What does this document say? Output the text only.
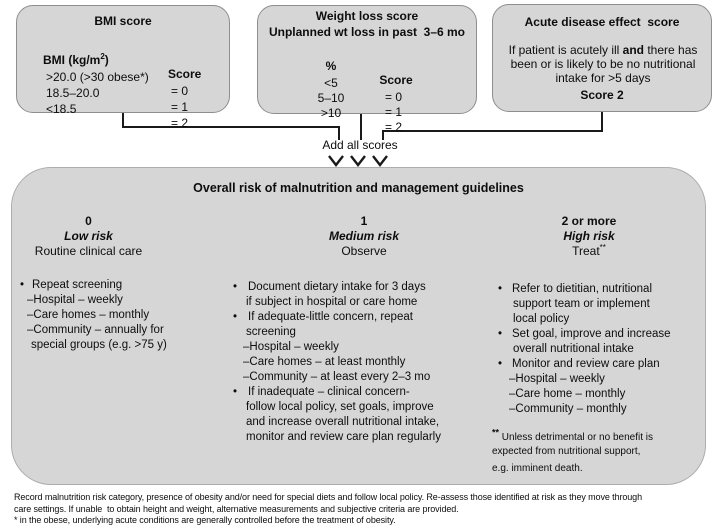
BMI score

BMI $(kg/m^2)$

Score

>20.0 (>30 obese*)

= 0

18.5–20.0

= 1

<18.5

= 2

Weight loss score
Unplanned wt loss in past  3–6 mo

%

Score

<5

= 0

5–10

= 1

>10

= 2

Acute disease effect  score
If patient is acutely ill and there has
been or is likely to be no nutritional
intake for >5 days
Score 2
Add all scores
Overall risk of malnutrition and management guidelines
0
Low risk
Routine clinical care
1
Medium risk
Observe
2 or more
High risk
Treat**
• Repeat screening
–Hospital – weekly
–Care homes – monthly
–Community – annually for
special groups (e.g. >75 y)
• Document dietary intake for 3 days
if subject in hospital or care home
• If adequate-little concern, repeat
screening
–Hospital – weekly
–Care homes – at least monthly
–Community – at least every 2–3 mo
• If inadequate – clinical concern-
follow local policy, set goals, improve
and increase overall nutritional intake,
monitor and review care plan regularly
• Refer to dietitian, nutritional
support team or implement
local policy
• Set goal, improve and increase
overall nutritional intake
• Monitor and review care plan
–Hospital – weekly
–Care home – monthly
–Community – monthly
** Unless detrimental or no benefit is
expected from nutritional support,
e.g. imminent death.
Record malnutrition risk category, presence of obesity and/or need for special diets and follow local policy. Re-assess those identified at risk as they move through
care settings. If unable  to obtain height and weight, alternative measurements and subjective criteria are provided.
* in the obese, underlying acute conditions are generally controlled before the treatment of obesity.
